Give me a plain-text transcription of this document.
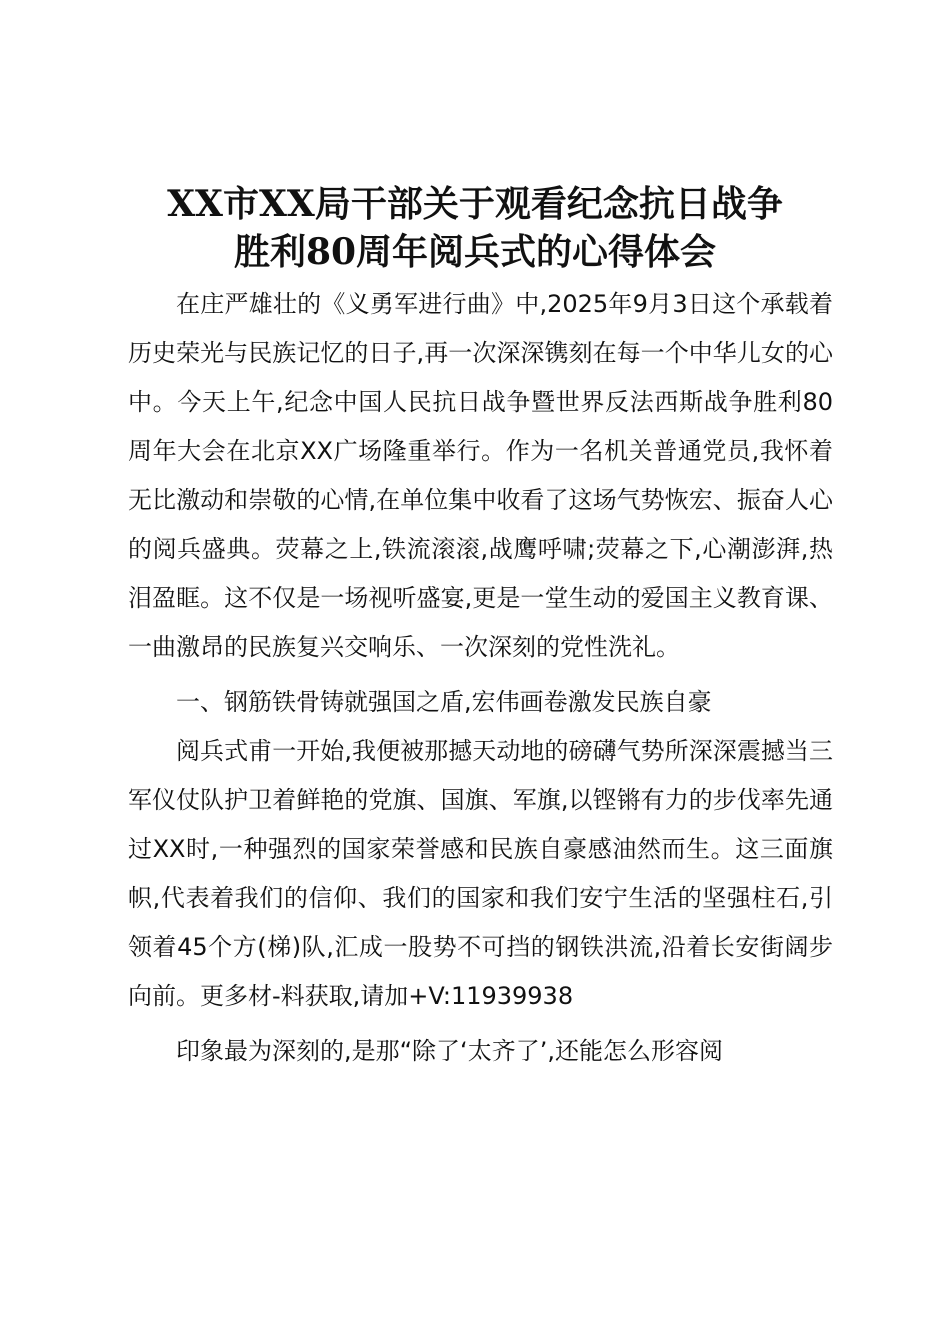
XX市XX局干部关于观看纪念抗日战争
胜利80周年阅兵式的心得体会

在庄严雄壮的《义勇军进行曲》中,2025年9月3日这个承载着历史荣光与民族记忆的日子,再一次深深镌刻在每一个中华儿女的心中。今天上午,纪念中国人民抗日战争暨世界反法西斯战争胜利80周年大会在北京XX广场隆重举行。作为一名机关普通党员,我怀着无比激动和崇敬的心情,在单位集中收看了这场气势恢宏、振奋人心的阅兵盛典。荧幕之上,铁流滚滚,战鹰呼啸;荧幕之下,心潮澎湃,热泪盈眶。这不仅是一场视听盛宴,更是一堂生动的爱国主义教育课、一曲激昂的民族复兴交响乐、一次深刻的党性洗礼。

一、钢筋铁骨铸就强国之盾,宏伟画卷激发民族自豪

阅兵式甫一开始,我便被那撼天动地的磅礴气势所深深震撼当三军仪仗队护卫着鲜艳的党旗、国旗、军旗,以铿锵有力的步伐率先通过XX时,一种强烈的国家荣誉感和民族自豪感油然而生。这三面旗帜,代表着我们的信仰、我们的国家和我们安宁生活的坚强柱石,引领着45个方(梯)队,汇成一股势不可挡的钢铁洪流,沿着长安街阔步向前。更多材-料获取,请加+V:11939938

印象最为深刻的,是那“除了‘太齐了’,还能怎么形容阅
